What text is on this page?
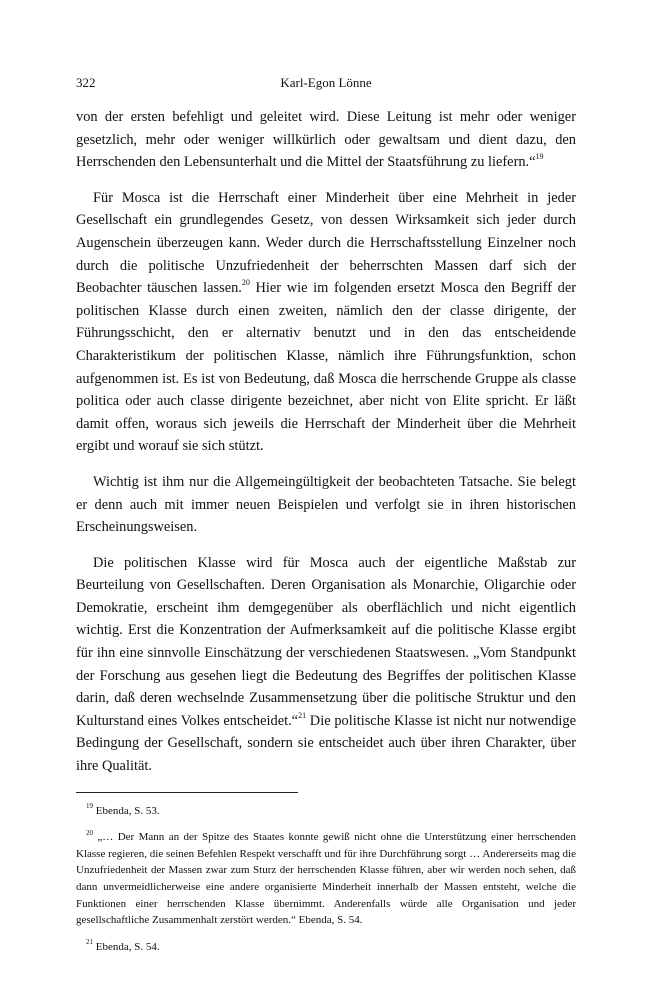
322	Karl-Egon Lönne

von der ersten befehligt und geleitet wird. Diese Leitung ist mehr oder weniger gesetzlich, mehr oder weniger willkürlich oder gewaltsam und dient dazu, den Herrschenden den Lebensunterhalt und die Mittel der Staatsführung zu liefern.“$^{19}$

Für Mosca ist die Herrschaft einer Minderheit über eine Mehrheit in jeder Gesellschaft ein grundlegendes Gesetz, von dessen Wirksamkeit sich jeder durch Augenschein überzeugen kann. Weder durch die Herrschaftsstellung Einzelner noch durch die politische Unzufriedenheit der beherrschten Massen darf sich der Beobachter täuschen lassen.$^{20}$ Hier wie im folgenden ersetzt Mosca den Begriff der politischen Klasse durch einen zweiten, nämlich den der classe dirigente, der Führungsschicht, den er alternativ benutzt und in den das entscheidende Charakteristikum der politischen Klasse, nämlich ihre Führungsfunktion, schon aufgenommen ist. Es ist von Bedeutung, daß Mosca die herrschende Gruppe als classe politica oder auch classe dirigente bezeichnet, aber nicht von Elite spricht. Er läßt damit offen, woraus sich jeweils die Herrschaft der Minderheit über die Mehrheit ergibt und worauf sie sich stützt.

Wichtig ist ihm nur die Allgemeingültigkeit der beobachteten Tatsache. Sie belegt er denn auch mit immer neuen Beispielen und verfolgt sie in ihren historischen Erscheinungsweisen.

Die politischen Klasse wird für Mosca auch der eigentliche Maßstab zur Beurteilung von Gesellschaften. Deren Organisation als Monarchie, Oligarchie oder Demokratie, erscheint ihm demgegenüber als oberflächlich und nicht eigentlich wichtig. Erst die Konzentration der Aufmerksamkeit auf die politische Klasse ergibt für ihn eine sinnvolle Einschätzung der verschiedenen Staatswesen. „Vom Standpunkt der Forschung aus gesehen liegt die Bedeutung des Begriffes der politischen Klasse darin, daß deren wechselnde Zusammensetzung über die politische Struktur und den Kulturstand eines Volkes entscheidet.“$^{21}$ Die politische Klasse ist nicht nur notwendige Bedingung der Gesellschaft, sondern sie entscheidet auch über ihren Charakter, über ihre Qualität.

$^{19}$ Ebenda, S. 53.

$^{20}$ „… Der Mann an der Spitze des Staates konnte gewiß nicht ohne die Unterstützung einer herrschenden Klasse regieren, die seinen Befehlen Respekt verschafft und für ihre Durchführung sorgt … Andererseits mag die Unzufriedenheit der Massen zwar zum Sturz der herrschenden Klasse führen, aber wir werden noch sehen, daß dann unvermeidlicherweise eine andere organisierte Minderheit innerhalb der Massen entsteht, welche die Funktionen einer herrschenden Klasse übernimmt. Anderenfalls würde alle Organisation und jeder gesellschaftliche Zusammenhalt zerstört werden.“ Ebenda, S. 54.

$^{21}$ Ebenda, S. 54.
